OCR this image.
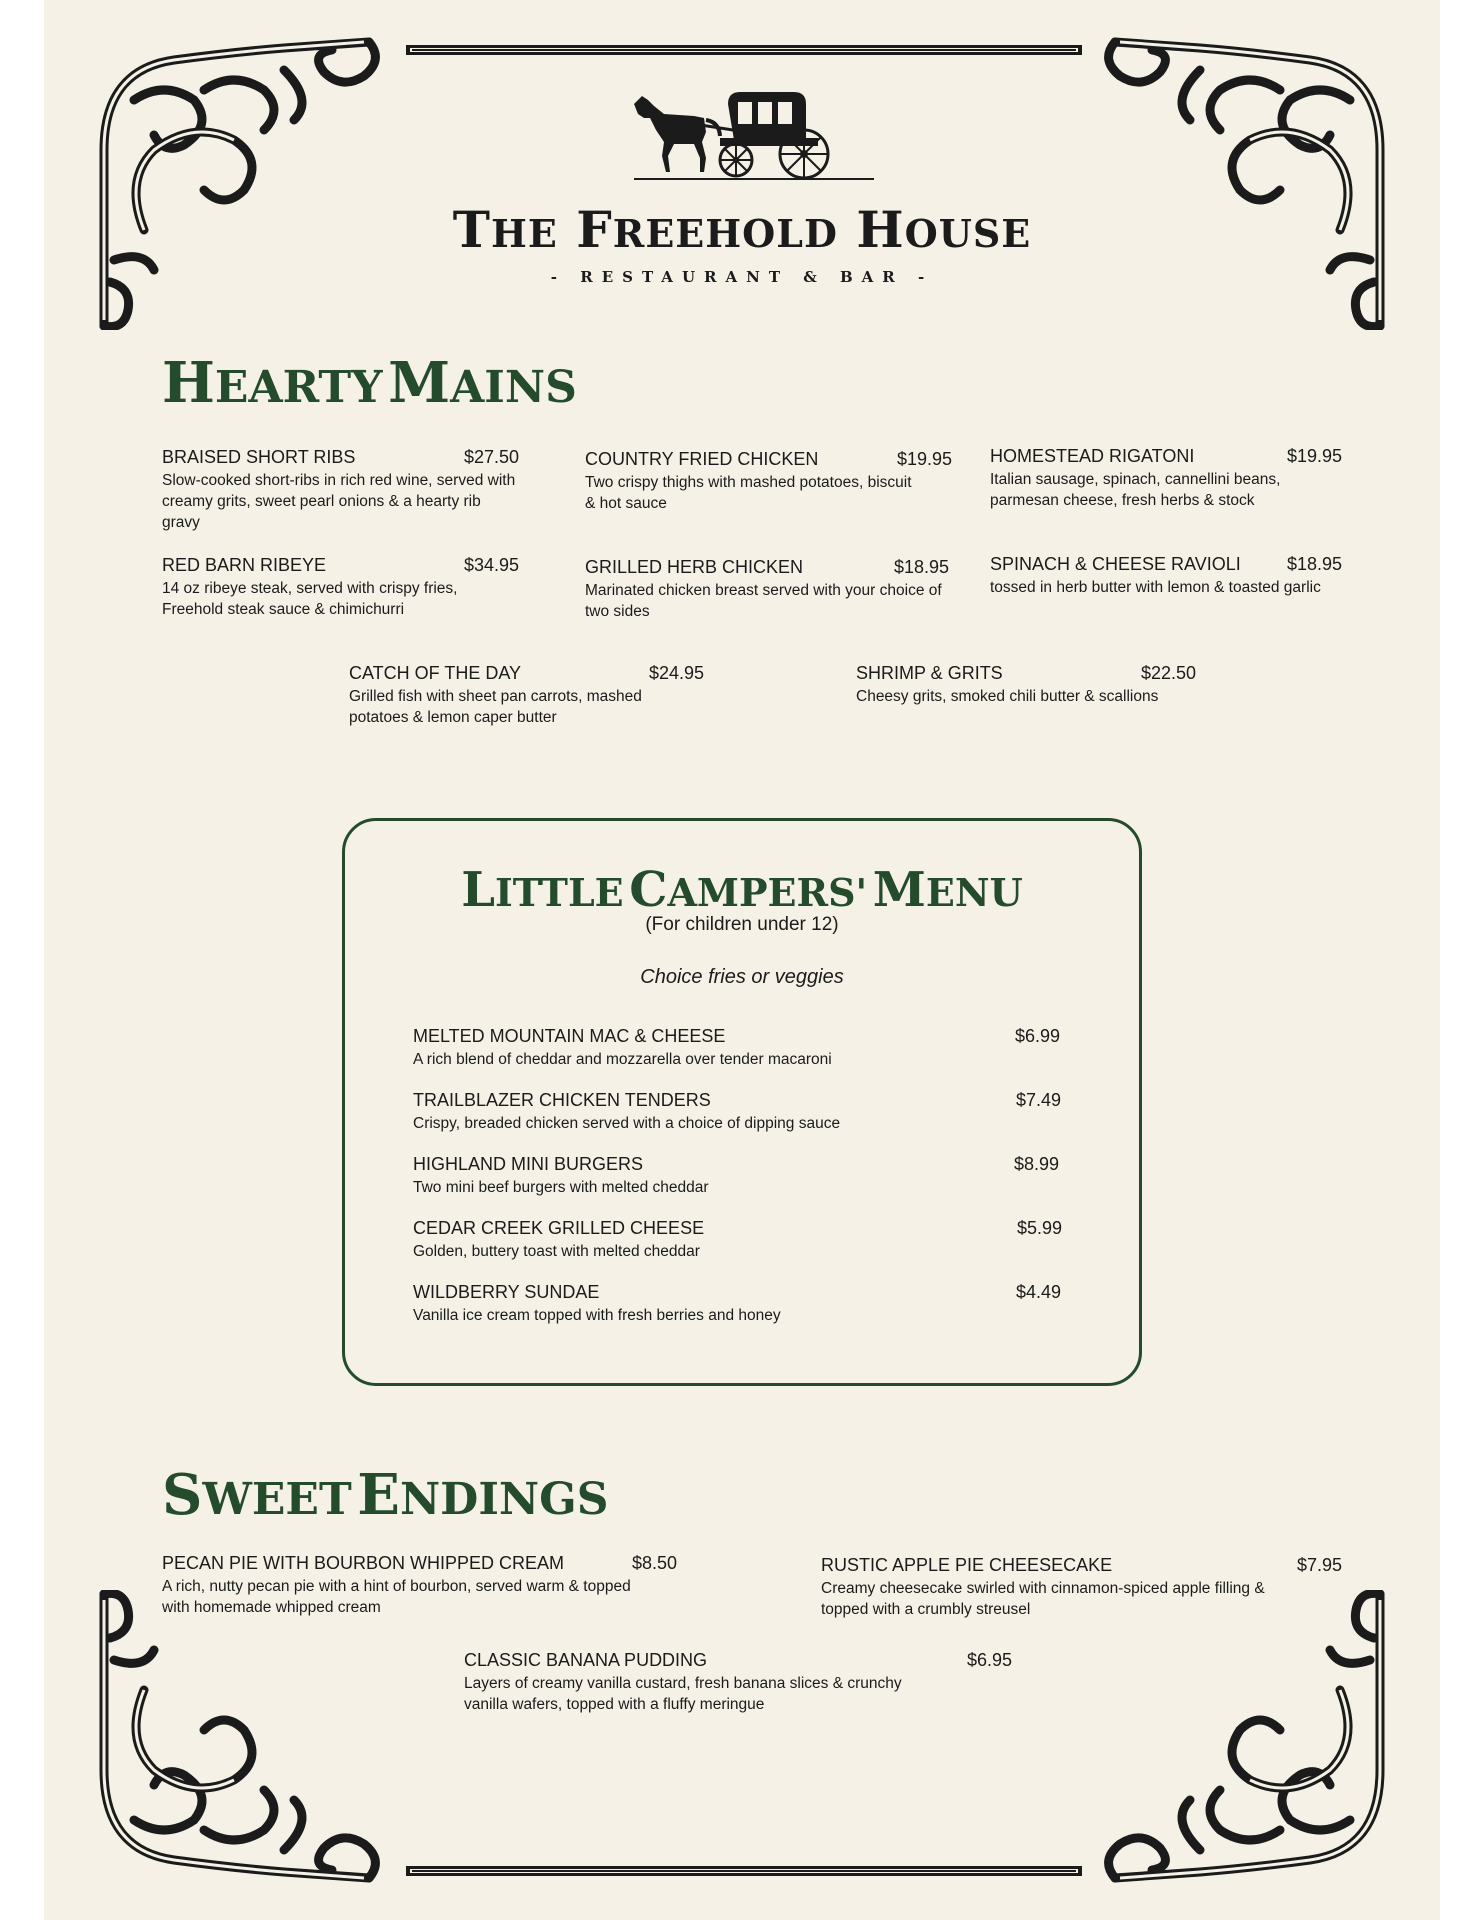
THE FREEHOLD HOUSE
- RESTAURANT & BAR -
HEARTY MAINS
BRAISED SHORT RIBS	$27.50
Slow-cooked short-ribs in rich red wine, served with creamy grits, sweet pearl onions & a hearty rib gravy
COUNTRY FRIED CHICKEN	$19.95
Two crispy thighs with mashed potatoes, biscuit & hot sauce
HOMESTEAD RIGATONI	$19.95
Italian sausage, spinach, cannellini beans, parmesan cheese, fresh herbs & stock
RED BARN RIBEYE	$34.95
14 oz ribeye steak, served with crispy fries, Freehold steak sauce & chimichurri
GRILLED HERB CHICKEN	$18.95
Marinated chicken breast served with your choice of two sides
SPINACH & CHEESE RAVIOLI	$18.95
tossed in herb butter with lemon & toasted garlic
CATCH OF THE DAY	$24.95
Grilled fish with sheet pan carrots, mashed potatoes & lemon caper butter
SHRIMP & GRITS	$22.50
Cheesy grits, smoked chili butter & scallions
LITTLE CAMPERS' MENU
(For children under 12)
Choice fries or veggies
MELTED MOUNTAIN MAC & CHEESE	$6.99
A rich blend of cheddar and mozzarella over tender macaroni
TRAILBLAZER CHICKEN TENDERS	$7.49
Crispy, breaded chicken served with a choice of dipping sauce
HIGHLAND MINI BURGERS	$8.99
Two mini beef burgers with melted cheddar
CEDAR CREEK GRILLED CHEESE	$5.99
Golden, buttery toast with melted cheddar
WILDBERRY SUNDAE	$4.49
Vanilla ice cream topped with fresh berries and honey
SWEET ENDINGS
PECAN PIE WITH BOURBON WHIPPED CREAM	$8.50
A rich, nutty pecan pie with a hint of bourbon, served warm & topped with homemade whipped cream
RUSTIC APPLE PIE CHEESECAKE	$7.95
Creamy cheesecake swirled with cinnamon-spiced apple filling & topped with a crumbly streusel
CLASSIC BANANA PUDDING	$6.95
Layers of creamy vanilla custard, fresh banana slices & crunchy vanilla wafers, topped with a fluffy meringue
